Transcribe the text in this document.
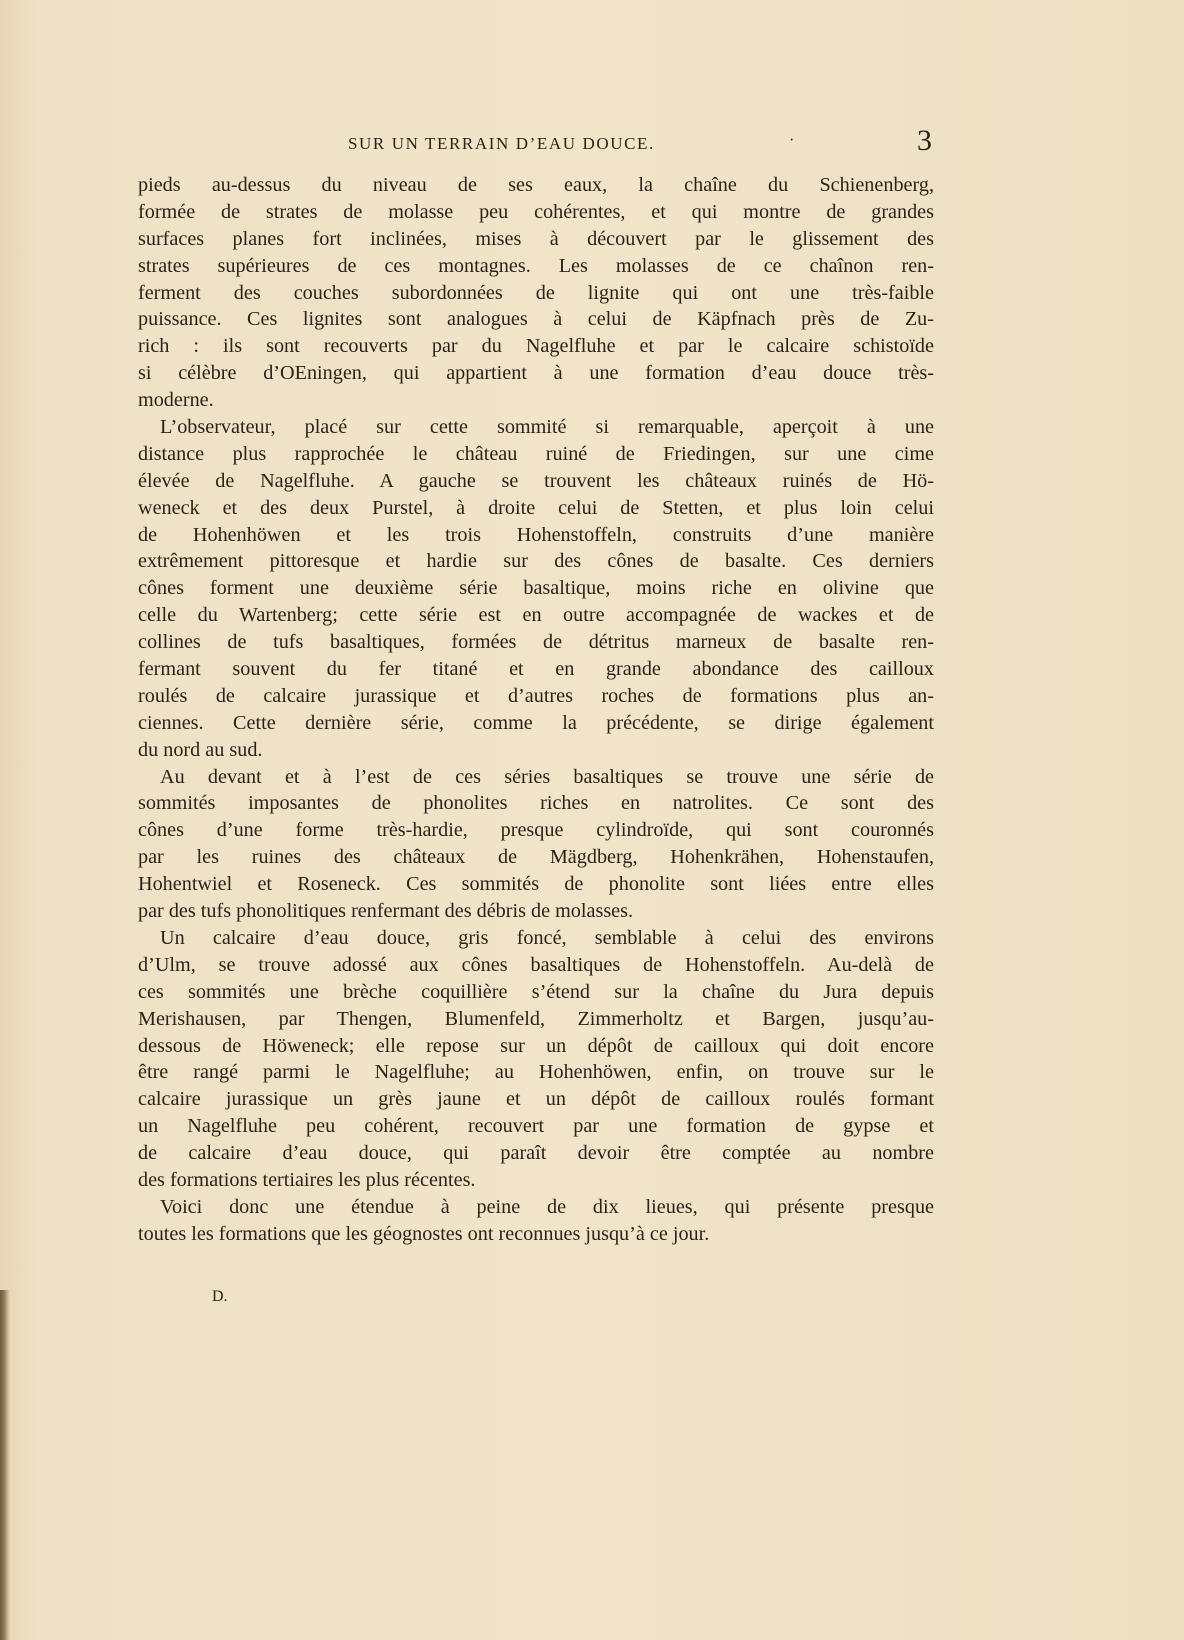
SUR UN TERRAIN D’EAU DOUCE.	·	3
pieds au-dessus du niveau de ses eaux, la chaîne du Schienenberg,
formée de strates de molasse peu cohérentes, et qui montre de grandes
surfaces planes fort inclinées, mises à découvert par le glissement des
strates supérieures de ces montagnes. Les molasses de ce chaînon ren-
ferment des couches subordonnées de lignite qui ont une très-faible
puissance. Ces lignites sont analogues à celui de Käpfnach près de Zu-
rich : ils sont recouverts par du Nagelfluhe et par le calcaire schistoïde
si célèbre d’OEningen, qui appartient à une formation d’eau douce très-
moderne.
L’observateur, placé sur cette sommité si remarquable, aperçoit à une
distance plus rapprochée le château ruiné de Friedingen, sur une cime
élevée de Nagelfluhe. A gauche se trouvent les châteaux ruinés de Hö-
weneck et des deux Purstel, à droite celui de Stetten, et plus loin celui
de Hohenhöwen et les trois Hohenstoffeln, construits d’une manière
extrêmement pittoresque et hardie sur des cônes de basalte. Ces derniers
cônes forment une deuxième série basaltique, moins riche en olivine que
celle du Wartenberg; cette série est en outre accompagnée de wackes et de
collines de tufs basaltiques, formées de détritus marneux de basalte ren-
fermant souvent du fer titané et en grande abondance des cailloux
roulés de calcaire jurassique et d’autres roches de formations plus an-
ciennes. Cette dernière série, comme la précédente, se dirige également
du nord au sud.
Au devant et à l’est de ces séries basaltiques se trouve une série de
sommités imposantes de phonolites riches en natrolites. Ce sont des
cônes d’une forme très-hardie, presque cylindroïde, qui sont couronnés
par les ruines des châteaux de Mägdberg, Hohenkrähen, Hohenstaufen,
Hohentwiel et Roseneck. Ces sommités de phonolite sont liées entre elles
par des tufs phonolitiques renfermant des débris de molasses.
Un calcaire d’eau douce, gris foncé, semblable à celui des environs
d’Ulm, se trouve adossé aux cônes basaltiques de Hohenstoffeln. Au-delà de
ces sommités une brèche coquillière s’étend sur la chaîne du Jura depuis
Merishausen, par Thengen, Blumenfeld, Zimmerholtz et Bargen, jusqu’au-
dessous de Höweneck; elle repose sur un dépôt de cailloux qui doit encore
être rangé parmi le Nagelfluhe; au Hohenhöwen, enfin, on trouve sur le
calcaire jurassique un grès jaune et un dépôt de cailloux roulés formant
un Nagelfluhe peu cohérent, recouvert par une formation de gypse et
de calcaire d’eau douce, qui paraît devoir être comptée au nombre
des formations tertiaires les plus récentes.
Voici donc une étendue à peine de dix lieues, qui présente presque
toutes les formations que les géognostes ont reconnues jusqu’à ce jour.
D.
